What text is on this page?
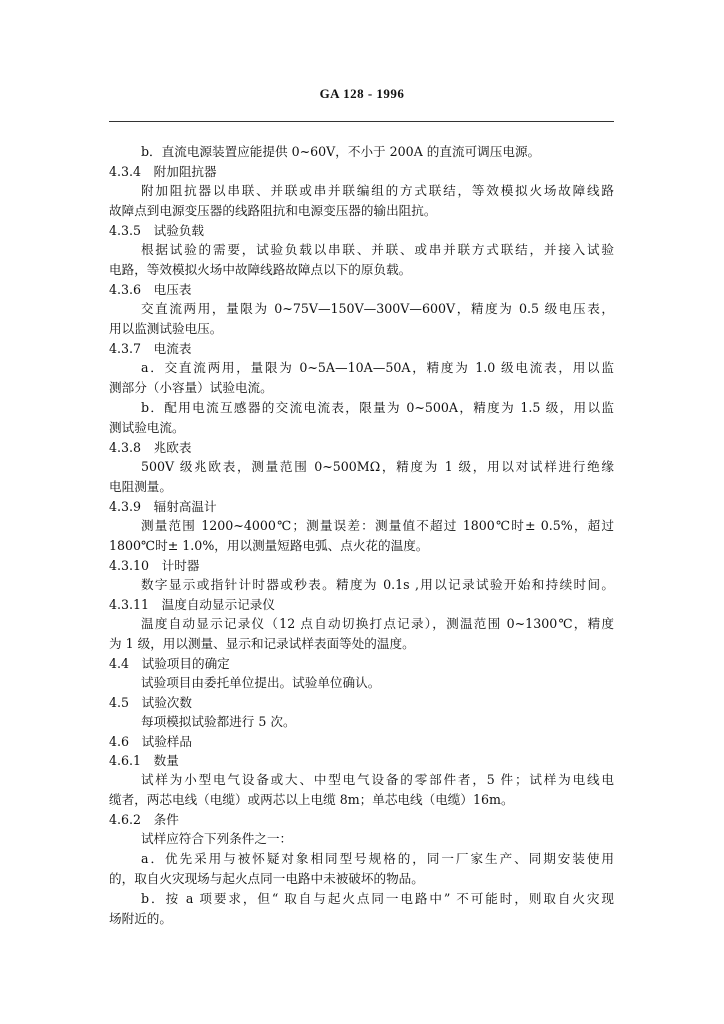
GA 128 - 1996
b．直流电源装置应能提供 0~60V，不小于 200A 的直流可调压电源。
4.3.4　附加阻抗器
附加阻抗器以串联、并联或串并联编组的方式联结，等效模拟火场故障线路
故障点到电源变压器的线路阻抗和电源变压器的输出阻抗。
4.3.5　试验负载
根据试验的需要，试验负载以串联、并联、或串并联方式联结，并接入试验
电路，等效模拟火场中故障线路故障点以下的原负载。
4.3.6　电压表
交直流两用，量限为 0~75V—150V—300V—600V，精度为 0.5 级电压表，
用以监测试验电压。
4.3.7　电流表
a．交直流两用，量限为 0~5A—10A—50A，精度为 1.0 级电流表，用以监
测部分（小容量）试验电流。
b．配用电流互感器的交流电流表，限量为 0~500A，精度为 1.5 级，用以监
测试验电流。
4.3.8　兆欧表
500V 级兆欧表，测量范围 0~500MΩ，精度为 1 级，用以对试样进行绝缘
电阻测量。
4.3.9　辐射高温计
测量范围 1200~4000℃；测量误差：测量值不超过 1800℃时± 0.5%，超过
1800℃时± 1.0%，用以测量短路电弧、点火花的温度。
4.3.10　计时器
数字显示或指针计时器或秒表。精度为 0.1s ,用以记录试验开始和持续时间。
4.3.11　温度自动显示记录仪
温度自动显示记录仪（12 点自动切换打点记录），测温范围 0~1300℃，精度
为 1 级，用以测量、显示和记录试样表面等处的温度。
4.4　试验项目的确定
试验项目由委托单位提出。试验单位确认。
4.5　试验次数
每项模拟试验都进行 5 次。
4.6　试验样品
4.6.1　数量
试样为小型电气设备或大、中型电气设备的零部件者，5 件；试样为电线电
缆者，两芯电线（电缆）或两芯以上电缆 8m；单芯电线（电缆）16m。
4.6.2　条件
试样应符合下列条件之一：
a．优先采用与被怀疑对象相同型号规格的，同一厂家生产、同期安装使用
的，取自火灾现场与起火点同一电路中未被破坏的物品。
b．按 a 项要求，但“ 取自与起火点同一电路中” 不可能时，则取自火灾现
场附近的。
